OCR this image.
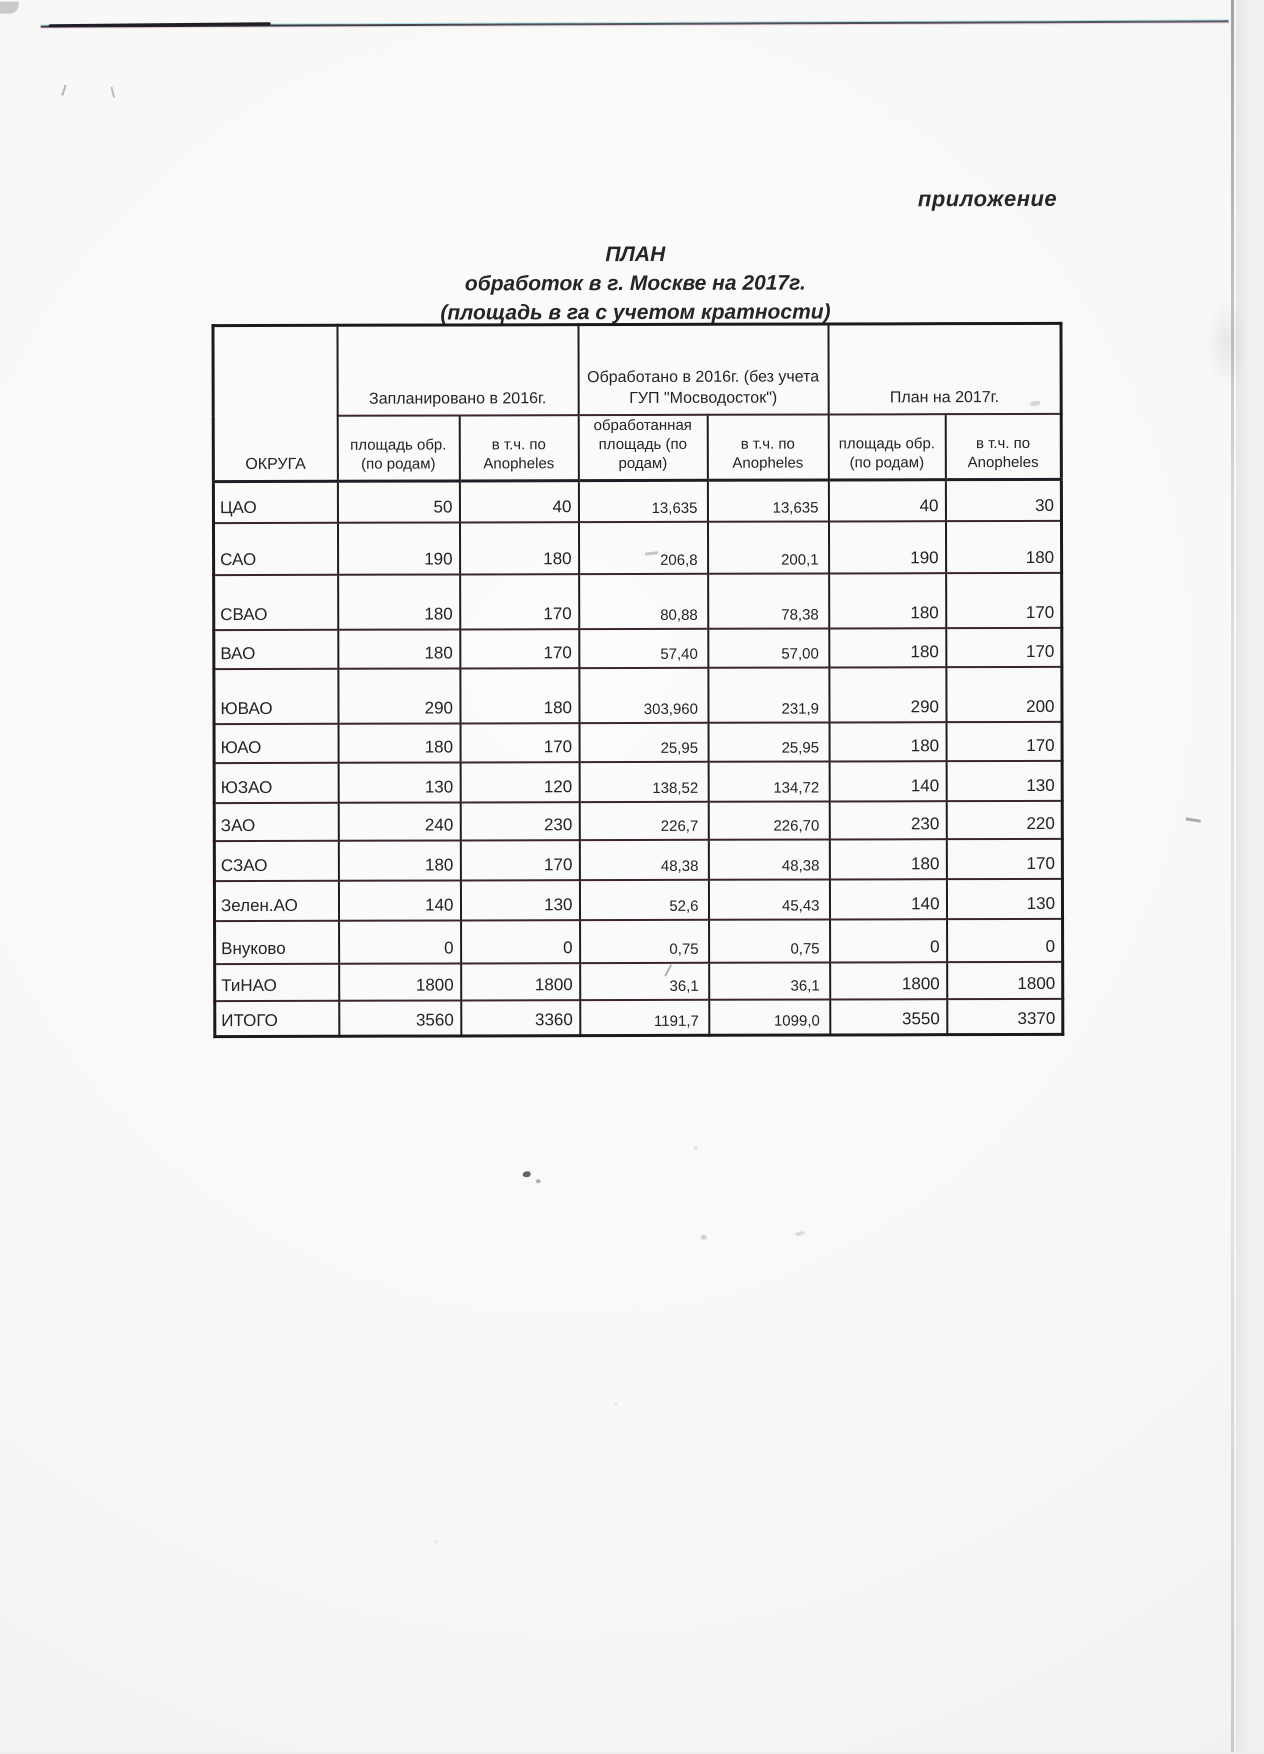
приложение
ПЛАН
обработок в г. Москве на 2017г.
(площадь в га с учетом кратности)
ОКРУГА	Запланировано в 2016г.		Обработано в 2016г. (без учета ГУП "Мосводосток")		План на 2017г.	
	площадь обр. (по родам)	в т.ч. по Anopheles	обработанная площадь (по родам)	в т.ч. по Anopheles	площадь обр. (по родам)	в т.ч. по Anopheles
ЦАО	50	40	13,635	13,635	40	30
САО	190	180	206,8	200,1	190	180
СВАО	180	170	80,88	78,38	180	170
ВАО	180	170	57,40	57,00	180	170
ЮВАО	290	180	303,960	231,9	290	200
ЮАО	180	170	25,95	25,95	180	170
ЮЗАО	130	120	138,52	134,72	140	130
ЗАО	240	230	226,7	226,70	230	220
СЗАО	180	170	48,38	48,38	180	170
Зелен.АО	140	130	52,6	45,43	140	130
Внуково	0	0	0,75	0,75	0	0
ТиНАО	1800	1800	36,1	36,1	1800	1800
ИТОГО	3560	3360	1191,7	1099,0	3550	3370
